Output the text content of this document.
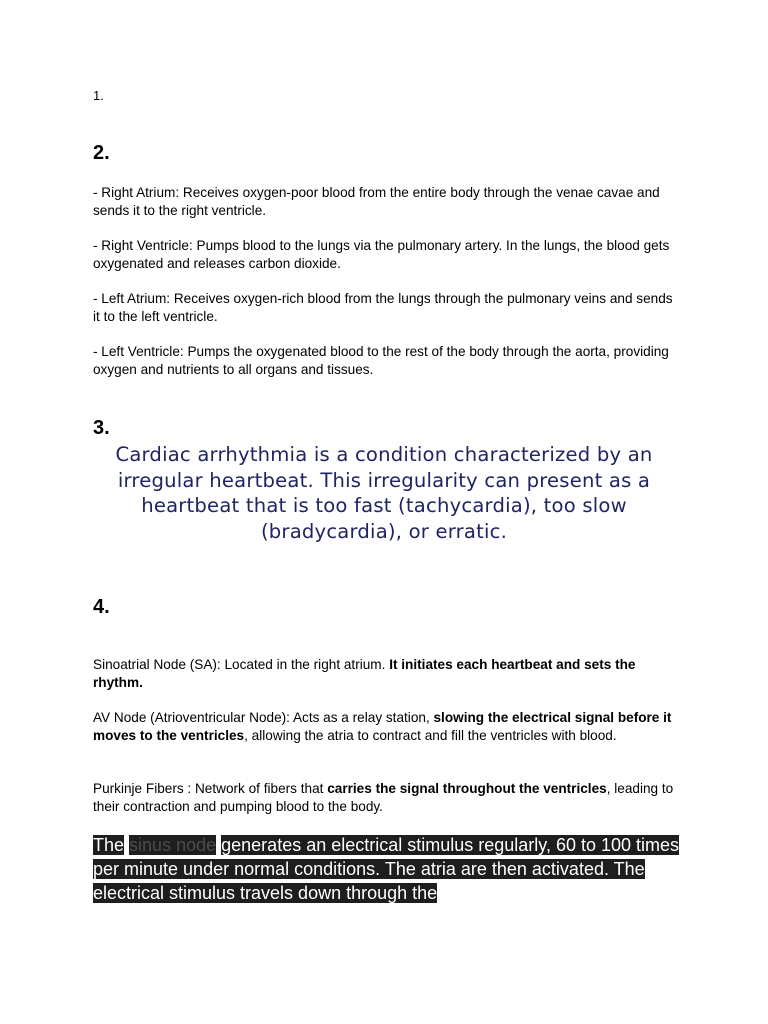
1.

2.

- Right Atrium: Receives oxygen-poor blood from the entire body through the venae cavae and sends it to the right ventricle.

- Right Ventricle: Pumps blood to the lungs via the pulmonary artery. In the lungs, the blood gets oxygenated and releases carbon dioxide.

- Left Atrium: Receives oxygen-rich blood from the lungs through the pulmonary veins and sends it to the left ventricle.

- Left Ventricle: Pumps the oxygenated blood to the rest of the body through the aorta, providing oxygen and nutrients to all organs and tissues.

3.

Cardiac arrhythmia is a condition characterized by an irregular heartbeat. This irregularity can present as a heartbeat that is too fast (tachycardia), too slow (bradycardia), or erratic.

4.

Sinoatrial Node (SA): Located in the right atrium. It initiates each heartbeat and sets the rhythm.

AV Node (Atrioventricular Node): Acts as a relay station, slowing the electrical signal before it moves to the ventricles, allowing the atria to contract and fill the ventricles with blood.

Purkinje Fibers : Network of fibers that carries the signal throughout the ventricles, leading to their contraction and pumping blood to the body.

The sinus node generates an electrical stimulus regularly, 60 to 100 times per minute under normal conditions. The atria are then activated. The electrical stimulus travels down through the
